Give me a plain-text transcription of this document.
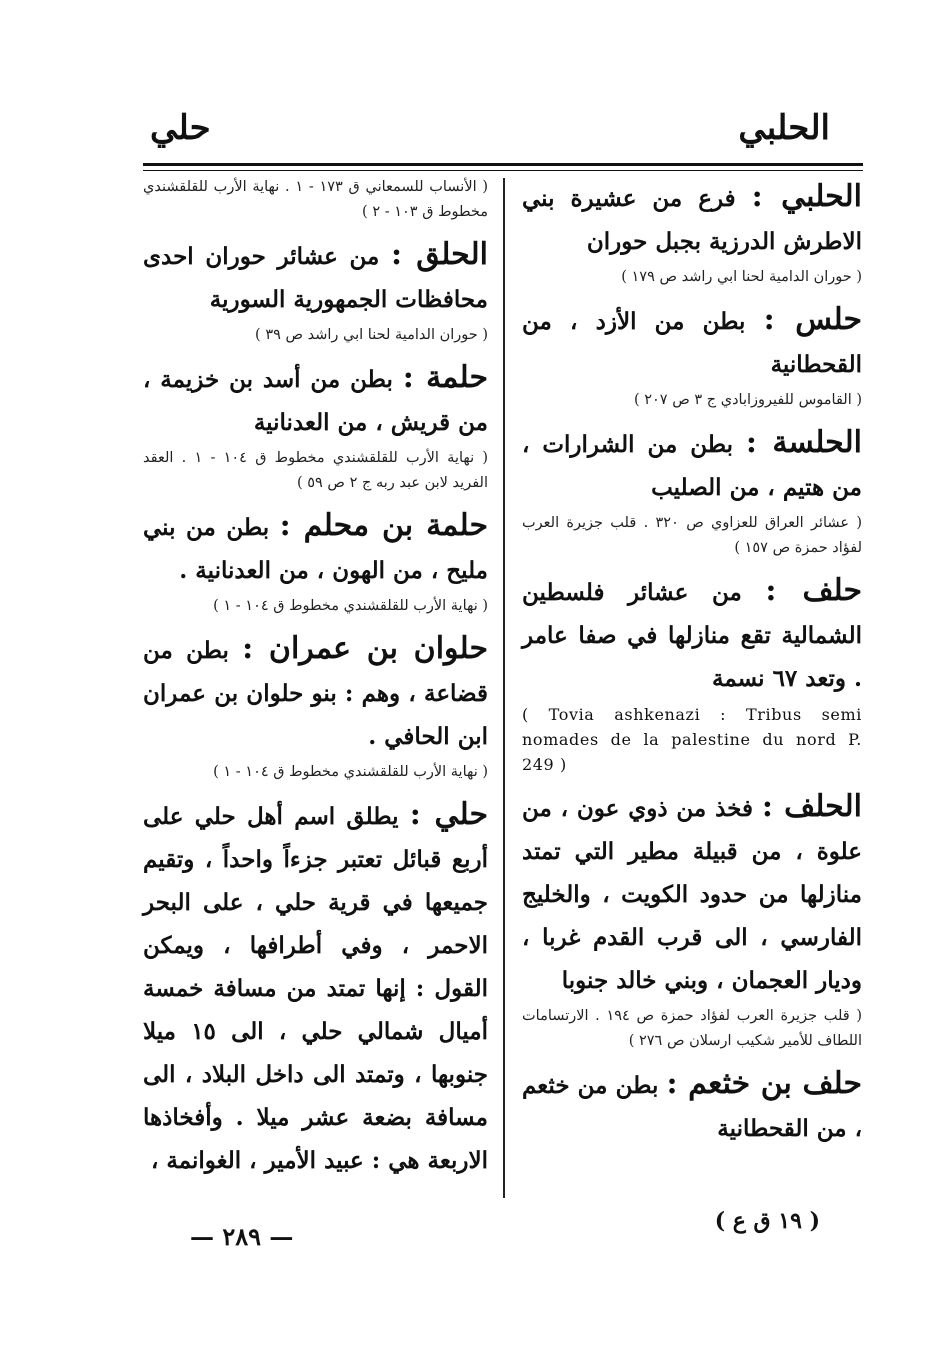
الحلبي
حلي
الحلبي : فرع من عشيرة بني الاطرش الدرزية بجبل حوران
( حوران الدامية لحنا ابي راشد ص ١٧٩ )
حلس : بطن من الأزد ، من القحطانية
( القاموس للفيروزابادي ج ٣ ص ٢٠٧ )
الحلسة : بطن من الشرارات ، من هتيم ، من الصليب
( عشائر العراق للعزاوي ص ٣٢٠ . قلب جزيرة العرب لفؤاد حمزة ص ١٥٧ )
حلف : من عشائر فلسطين الشمالية تقع منازلها في صفا عامر . وتعد ٦٧ نسمة
( Tovia ashkenazi : Tribus semi nomades de la palestine du nord P. 249 )
الحلف : فخذ من ذوي عون ، من علوة ، من قبيلة مطير التي تمتد منازلها من حدود الكويت ، والخليج الفارسي ، الى قرب القدم غربا ، وديار العجمان ، وبني خالد جنوبا
( قلب جزيرة العرب لفؤاد حمزة ص ١٩٤ . الارتسامات اللطاف للأمير شكيب ارسلان ص ٢٧٦ )
حلف بن خثعم : بطن من خثعم ، من القحطانية
( الأنساب للسمعاني ق ١٧٣ - ١ . نهاية الأرب للقلقشندي مخطوط ق ١٠٣ - ٢ )
الحلق : من عشائر حوران احدى محافظات الجمهورية السورية
( حوران الدامية لحنا ابي راشد ص ٣٩ )
حلمة : بطن من أسد بن خزيمة ، من قريش ، من العدنانية
( نهاية الأرب للقلقشندي مخطوط ق ١٠٤ - ١ . العقد الفريد لابن عبد ربه ج ٢ ص ٥٩ )
حلمة بن محلم : بطن من بني مليح ، من الهون ، من العدنانية .
( نهاية الأرب للقلقشندي مخطوط ق ١٠٤ - ١ )
حلوان بن عمران : بطن من قضاعة ، وهم : بنو حلوان بن عمران ابن الحافي .
( نهاية الأرب للقلقشندي مخطوط ق ١٠٤ - ١ )
حلي : يطلق اسم أهل حلي على أربع قبائل تعتبر جزءاً واحداً ، وتقيم جميعها في قرية حلي ، على البحر الاحمر ، وفي أطرافها ، ويمكن القول : إنها تمتد من مسافة خمسة أميال شمالي حلي ، الى ١٥ ميلا جنوبها ، وتمتد الى داخل البلاد ، الى مسافة بضعة عشر ميلا . وأفخاذها الاربعة هي : عبيد الأمير ، الغوانمة ،
( ١٩ ق ع )
— ٢٨٩ —
